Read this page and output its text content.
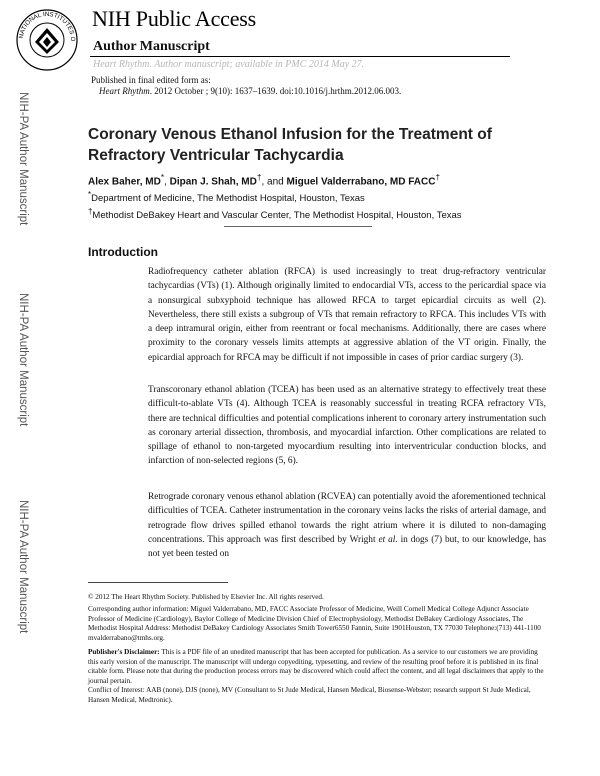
NATIONAL INSTITUTES O
NIH Public Access
Author Manuscript
Heart Rhythm. Author manuscript; available in PMC 2014 May 27.
Published in final edited form as:
Heart Rhythm. 2012 October ; 9(10): 1637–1639. doi:10.1016/j.hrthm.2012.06.003.
NIH-PA Author Manuscript
NIH-PA Author Manuscript
NIH-PA Author Manuscript
Coronary Venous Ethanol Infusion for the Treatment of Refractory Ventricular Tachycardia
Alex Baher, MD*, Dipan J. Shah, MD†, and Miguel Valderrabano, MD FACC†
*Department of Medicine, The Methodist Hospital, Houston, Texas
†Methodist DeBakey Heart and Vascular Center, The Methodist Hospital, Houston, Texas
Introduction
Radiofrequency catheter ablation (RFCA) is used increasingly to treat drug-refractory ventricular tachycardias (VTs) (1). Although originally limited to endocardial VTs, access to the pericardial space via a nonsurgical subxyphoid technique has allowed RFCA to target epicardial circuits as well (2). Nevertheless, there still exists a subgroup of VTs that remain refractory to RFCA. This includes VTs with a deep intramural origin, either from reentrant or focal mechanisms. Additionally, there are cases where proximity to the coronary vessels limits attempts at aggressive ablation of the VT origin. Finally, the epicardial approach for RFCA may be difficult if not impossible in cases of prior cardiac surgery (3).
Transcoronary ethanol ablation (TCEA) has been used as an alternative strategy to effectively treat these difficult-to-ablate VTs (4). Although TCEA is reasonably successful in treating RCFA refractory VTs, there are technical difficulties and potential complications inherent to coronary artery instrumentation such as coronary arterial dissection, thrombosis, and myocardial infarction. Other complications are related to spillage of ethanol to non-targeted myocardium resulting into interventricular conduction blocks, and infarction of non-selected regions (5, 6).
Retrograde coronary venous ethanol ablation (RCVEA) can potentially avoid the aforementioned technical difficulties of TCEA. Catheter instrumentation in the coronary veins lacks the risks of arterial damage, and retrograde flow drives spilled ethanol towards the right atrium where it is diluted to non-damaging concentrations. This approach was first described by Wright et al. in dogs (7) but, to our knowledge, has not yet been tested on
© 2012 The Heart Rhythm Society. Published by Elsevier Inc. All rights reserved.
Corresponding author information: Miguel Valderrabano, MD, FACC Associate Professor of Medicine, Weill Cornell Medical College Adjunct Associate Professor of Medicine (Cardiology), Baylor College of Medicine Division Chief of Electrophysiology, Methodist DeBakey Cardiology Associates, The Methodist Hospital Address: Methodist DeBakey Cardiology Associates Smith Tower6550 Fannin, Suite 1901Houston, TX 77030 Telephone:(713) 441-1100 mvalderrabano@tmhs.org.
Publisher's Disclaimer: This is a PDF file of an unedited manuscript that has been accepted for publication. As a service to our customers we are providing this early version of the manuscript. The manuscript will undergo copyediting, typesetting, and review of the resulting proof before it is published in its final citable form. Please note that during the production process errors may be discovered which could affect the content, and all legal disclaimers that apply to the journal pertain.
Conflict of Interest: AAB (none), DJS (none), MV (Consultant to St Jude Medical, Hansen Medical, Biosense-Webster; research support St Jude Medical, Hansen Medical, Medtronic).
